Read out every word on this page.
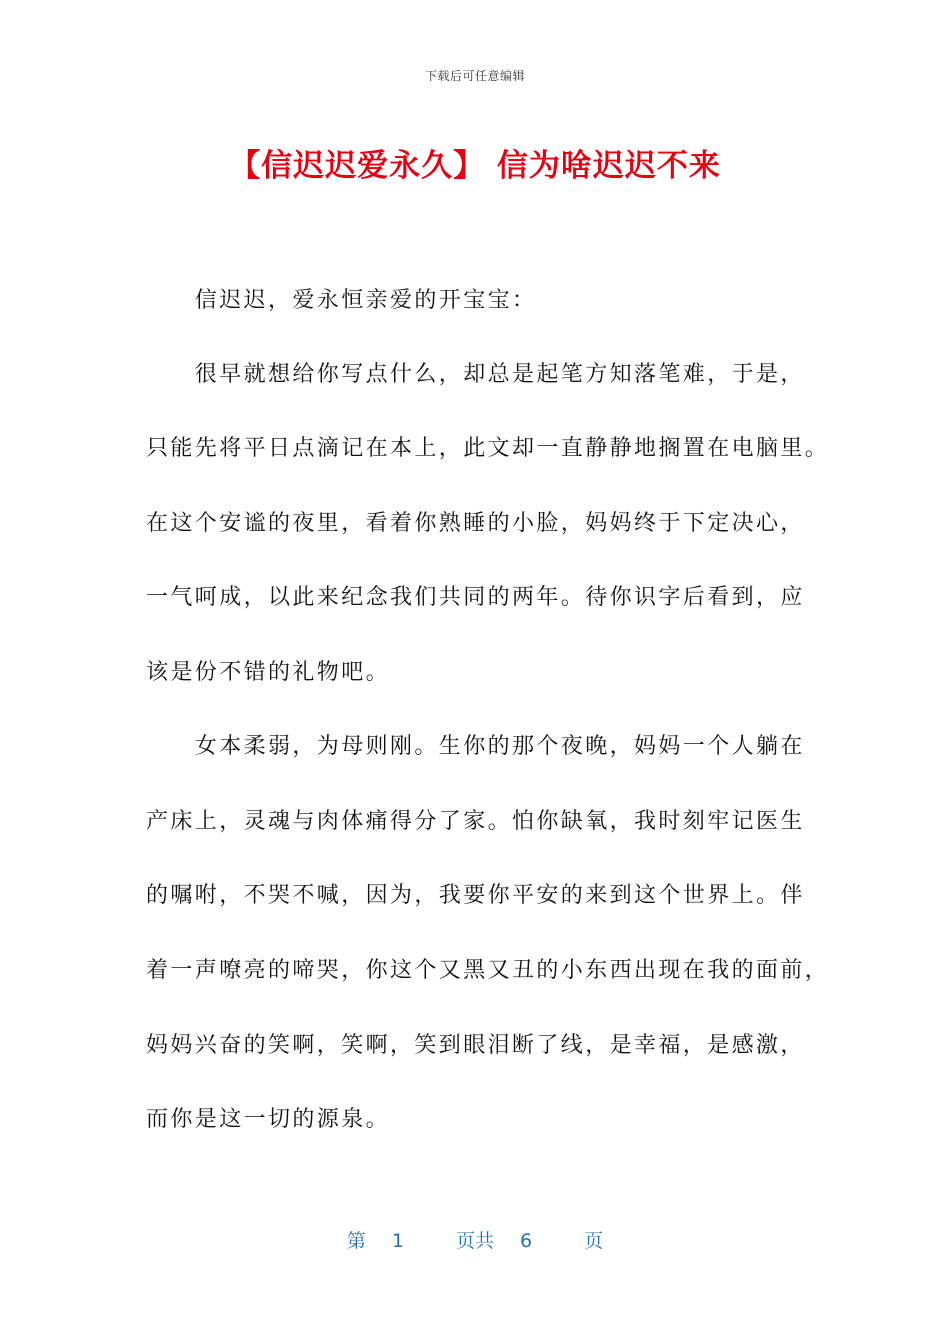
下载后可任意编辑
【信迟迟爱永久】 信为啥迟迟不来
　　信迟迟，爱永恒亲爱的开宝宝：
　　很早就想给你写点什么，却总是起笔方知落笔难，于是，
只能先将平日点滴记在本上，此文却一直静静地搁置在电脑里。
在这个安谧的夜里，看着你熟睡的小脸，妈妈终于下定决心，
一气呵成，以此来纪念我们共同的两年。待你识字后看到，应
该是份不错的礼物吧。
　　女本柔弱，为母则刚。生你的那个夜晚，妈妈一个人躺在
产床上，灵魂与肉体痛得分了家。怕你缺氧，我时刻牢记医生
的嘱咐，不哭不喊，因为，我要你平安的来到这个世界上。伴
着一声嘹亮的啼哭，你这个又黑又丑的小东西出现在我的面前，
妈妈兴奋的笑啊，笑啊，笑到眼泪断了线，是幸福，是感激，
而你是这一切的源泉。
第 1	页共 6	页
